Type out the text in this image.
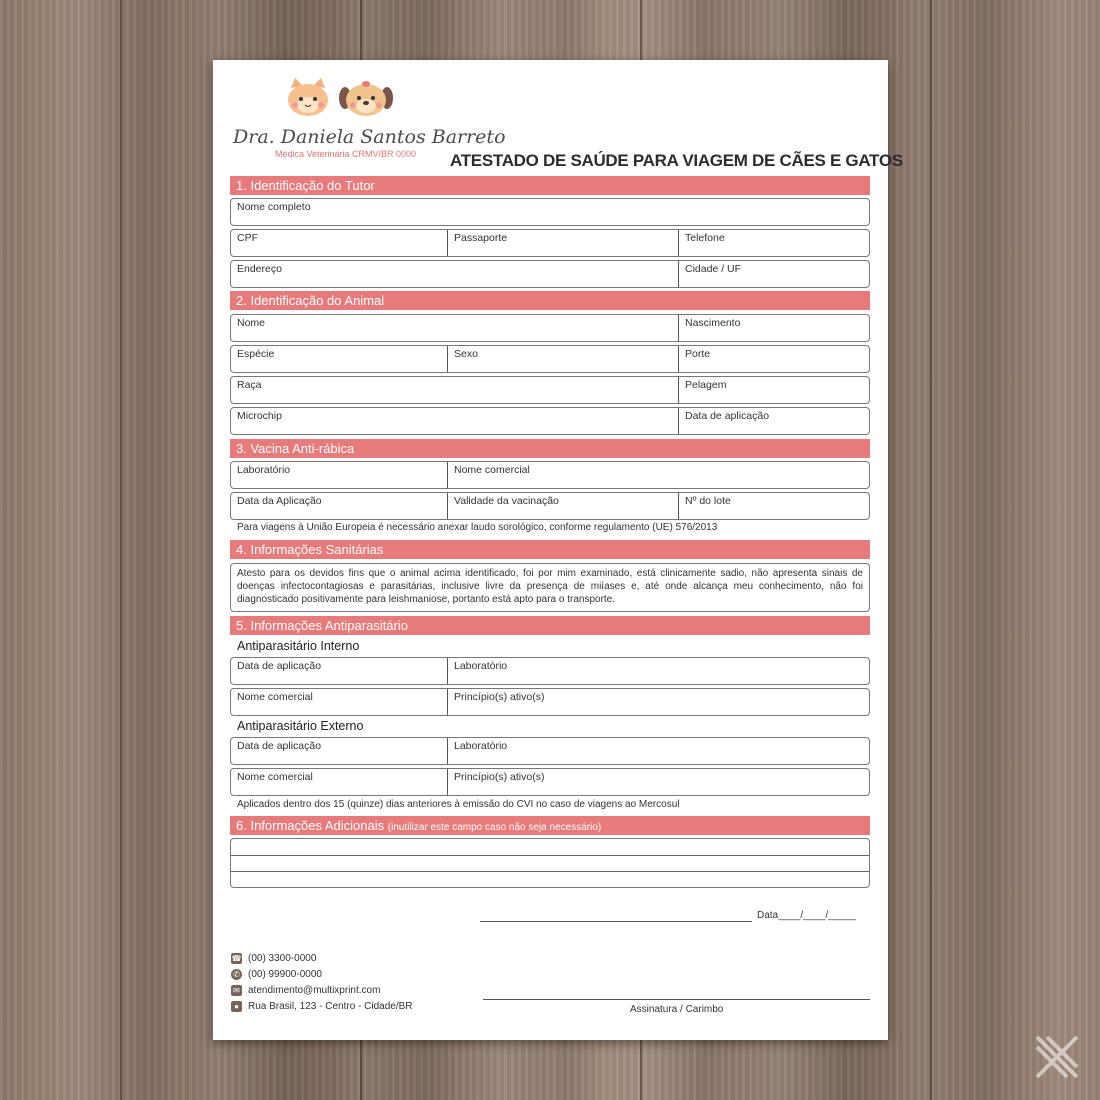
Dra. Daniela Santos Barreto
Médica Veterinária CRMV/BR 0000 ATESTADO DE SAÚDE PARA VIAGEM DE CÃES E GATOS
1. Identificação do Tutor
Nome completo
CPF	Passaporte	Telefone
Endereço	Cidade / UF
2. Identificação do Animal
Nome	Nascimento
Espécie	Sexo	Porte
Raça	Pelagem
Microchip	Data de aplicação
3. Vacina Anti-rábica
Laboratório	Nome comercial
Data da Aplicação	Validade da vacinação	Nº do lote
Para viagens à União Europeia é necessário anexar laudo sorológico, conforme regulamento (UE) 576/2013
4. Informações Sanitárias
Atesto para os devidos fins que o animal acima identificado, foi por mim examinado, está clinicamente sadio, não apresenta sinais de doenças infectocontagiosas e parasitárias, inclusive livre da presença de miíases e, até onde alcança meu conhecimento, não foi diagnosticado positivamente para leishmaniose, portanto está apto para o transporte.
5. Informações Antiparasitário
Antiparasitário Interno
Data de aplicação	Laboratório
Nome comercial	Princípio(s) ativo(s)
Antiparasitário Externo
Data de aplicação	Laboratório
Nome comercial	Princípio(s) ativo(s)
Aplicados dentro dos 15 (quinze) dias anteriores à emissão do CVI no caso de viagens ao Mercosul
6. Informações Adicionais (inutilizar este campo caso não seja necessário)
Data____/____/_____
☎ (00) 3300-0000
✆ (00) 99900-0000
✉ atendimento@multixprint.com
● Rua Brasil, 123 - Centro - Cidade/BR	Assinatura / Carimbo
